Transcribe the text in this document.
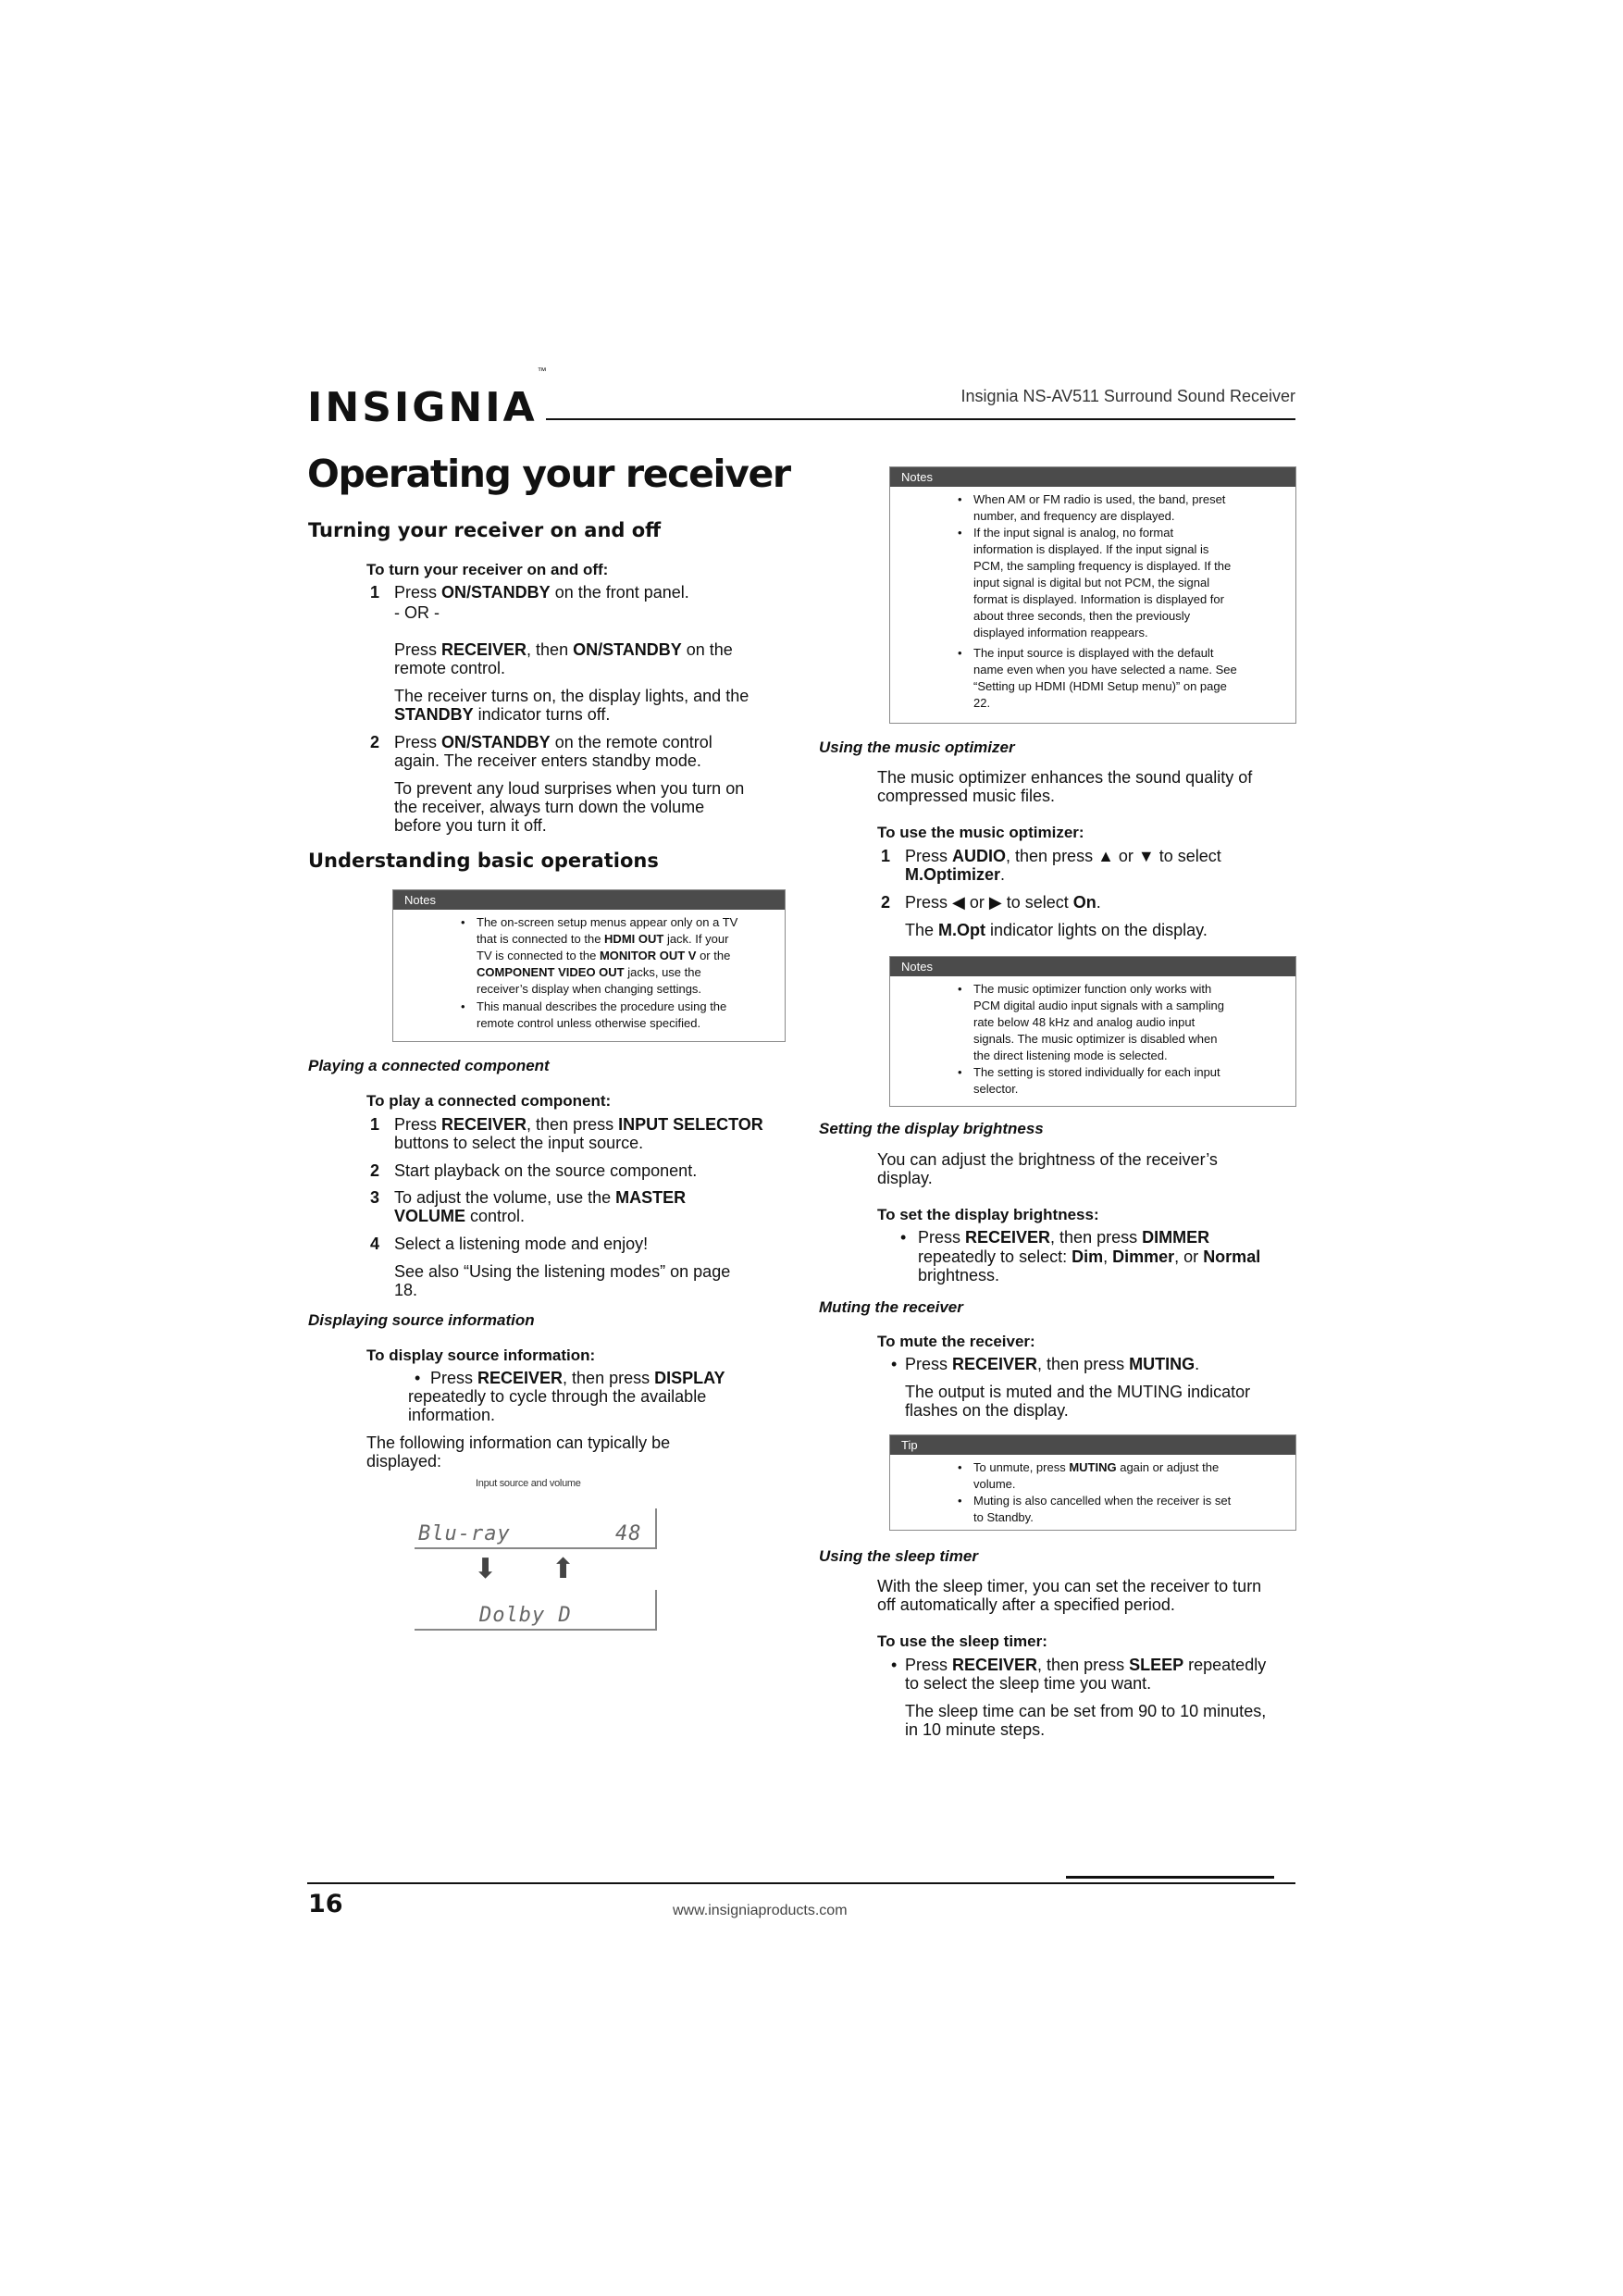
INSIGNIA™
Insignia NS-AV511 Surround Sound Receiver
Operating your receiver
Turning your receiver on and off
To turn your receiver on and off:
1 Press ON/STANDBY on the front panel.
- OR -
Press RECEIVER, then ON/STANDBY on the
remote control.
The receiver turns on, the display lights, and the
STANDBY indicator turns off.
2 Press ON/STANDBY on the remote control
again. The receiver enters standby mode.
To prevent any loud surprises when you turn on
the receiver, always turn down the volume
before you turn it off.
Understanding basic operations
Notes
• The on-screen setup menus appear only on a TV
that is connected to the HDMI OUT jack. If your
TV is connected to the MONITOR OUT V or the
COMPONENT VIDEO OUT jacks, use the
receiver’s display when changing settings.
• This manual describes the procedure using the
remote control unless otherwise specified.
Playing a connected component
To play a connected component:
1 Press RECEIVER, then press INPUT SELECTOR
buttons to select the input source.
2 Start playback on the source component.
3 To adjust the volume, use the MASTER
VOLUME control.
4 Select a listening mode and enjoy!
See also “Using the listening modes” on page
18.
Displaying source information
To display source information:
• Press RECEIVER, then press DISPLAY
repeatedly to cycle through the available
information.
The following information can typically be
displayed:
Input source and volume
Blu-ray	48
⬇ ⬆
Dolby D
Notes
• When AM or FM radio is used, the band, preset
number, and frequency are displayed.
• If the input signal is analog, no format
information is displayed. If the input signal is
PCM, the sampling frequency is displayed. If the
input signal is digital but not PCM, the signal
format is displayed. Information is displayed for
about three seconds, then the previously
displayed information reappears.
• The input source is displayed with the default
name even when you have selected a name. See
“Setting up HDMI (HDMI Setup menu)” on page
22.
Using the music optimizer
The music optimizer enhances the sound quality of
compressed music files.
To use the music optimizer:
1 Press AUDIO, then press ▲ or ▼ to select
M.Optimizer.
2 Press ◀ or ▶ to select On.
The M.Opt indicator lights on the display.
Notes
• The music optimizer function only works with
PCM digital audio input signals with a sampling
rate below 48 kHz and analog audio input
signals. The music optimizer is disabled when
the direct listening mode is selected.
• The setting is stored individually for each input
selector.
Setting the display brightness
You can adjust the brightness of the receiver’s
display.
To set the display brightness:
• Press RECEIVER, then press DIMMER
repeatedly to select: Dim, Dimmer, or Normal
brightness.
Muting the receiver
To mute the receiver:
• Press RECEIVER, then press MUTING.
The output is muted and the MUTING indicator
flashes on the display.
Tip
• To unmute, press MUTING again or adjust the
volume.
• Muting is also cancelled when the receiver is set
to Standby.
Using the sleep timer
With the sleep timer, you can set the receiver to turn
off automatically after a specified period.
To use the sleep timer:
• Press RECEIVER, then press SLEEP repeatedly
to select the sleep time you want.
The sleep time can be set from 90 to 10 minutes,
in 10 minute steps.
16	www.insigniaproducts.com
